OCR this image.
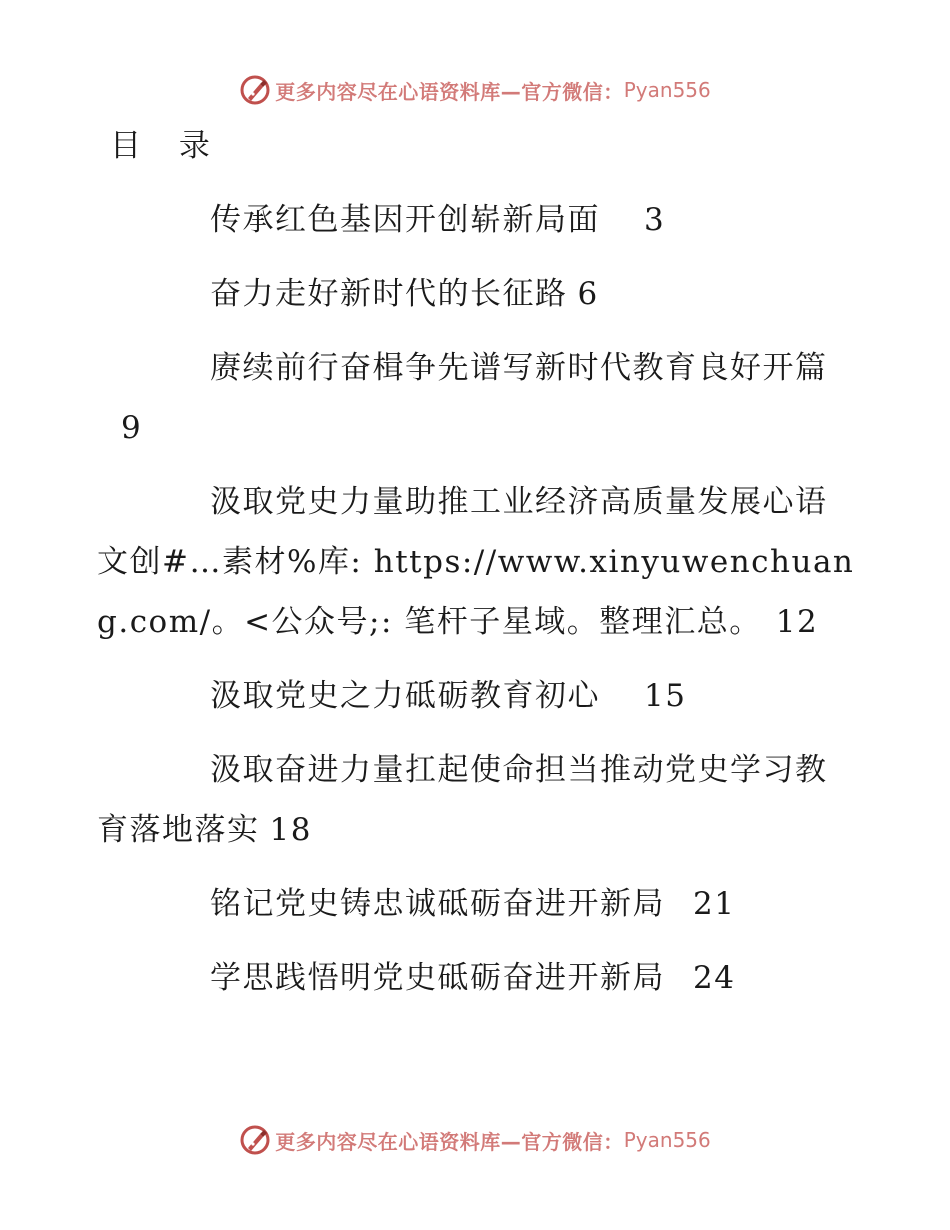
更多内容尽在心语资料库—官方微信： Pyan556
目 录
传承红色基因开创崭新局面 3
奋力走好新时代的长征路 6
赓续前行奋楫争先谱写新时代教育良好开篇9
汲取党史力量助推工业经济高质量发展心语文创#…素材%库: https://www.xinyuwenchuang.com/。<公众号;: 笔杆子星域。整理汇总。 12
汲取党史之力砥砺教育初心 15
汲取奋进力量扛起使命担当推动党史学习教育落地落实 18
铭记党史铸忠诚砥砺奋进开新局 21
学思践悟明党史砥砺奋进开新局 24
更多内容尽在心语资料库—官方微信： Pyan556
